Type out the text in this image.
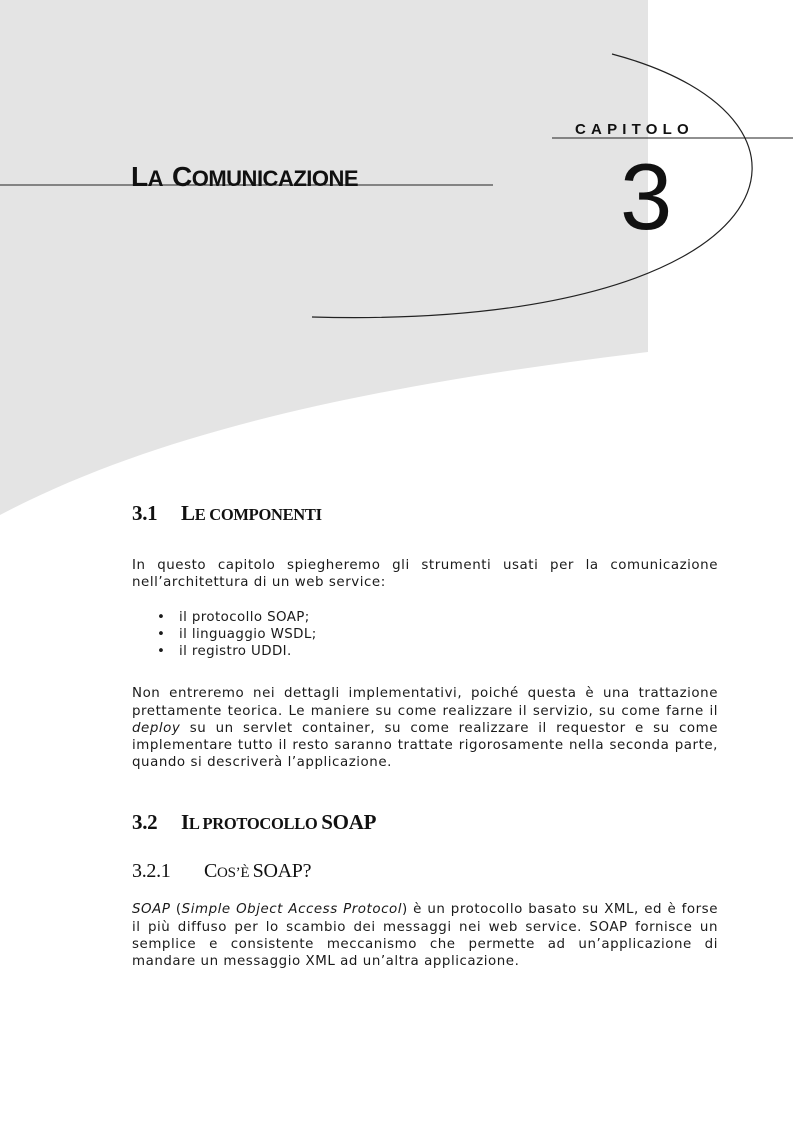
CAPITOLO
3
LA COMUNICAZIONE
3.1 LE COMPONENTI

In questo capitolo spiegheremo gli strumenti usati per la comunicazione nell’architettura di un web service:

• il protocollo SOAP;
• il linguaggio WSDL;
• il registro UDDI.

Non entreremo nei dettagli implementativi, poiché questa è una trattazione prettamente teorica. Le maniere su come realizzare il servizio, su come farne il deploy su un servlet container, su come realizzare il requestor e su come implementare tutto il resto saranno trattate rigorosamente nella seconda parte, quando si descriverà l’applicazione.

3.2 IL PROTOCOLLO SOAP
3.2.1 COS’È SOAP?

SOAP (Simple Object Access Protocol) è un protocollo basato su XML, ed è forse il più diffuso per lo scambio dei messaggi nei web service. SOAP fornisce un semplice e consistente meccanismo che permette ad un’applicazione di mandare un messaggio XML ad un’altra applicazione.
